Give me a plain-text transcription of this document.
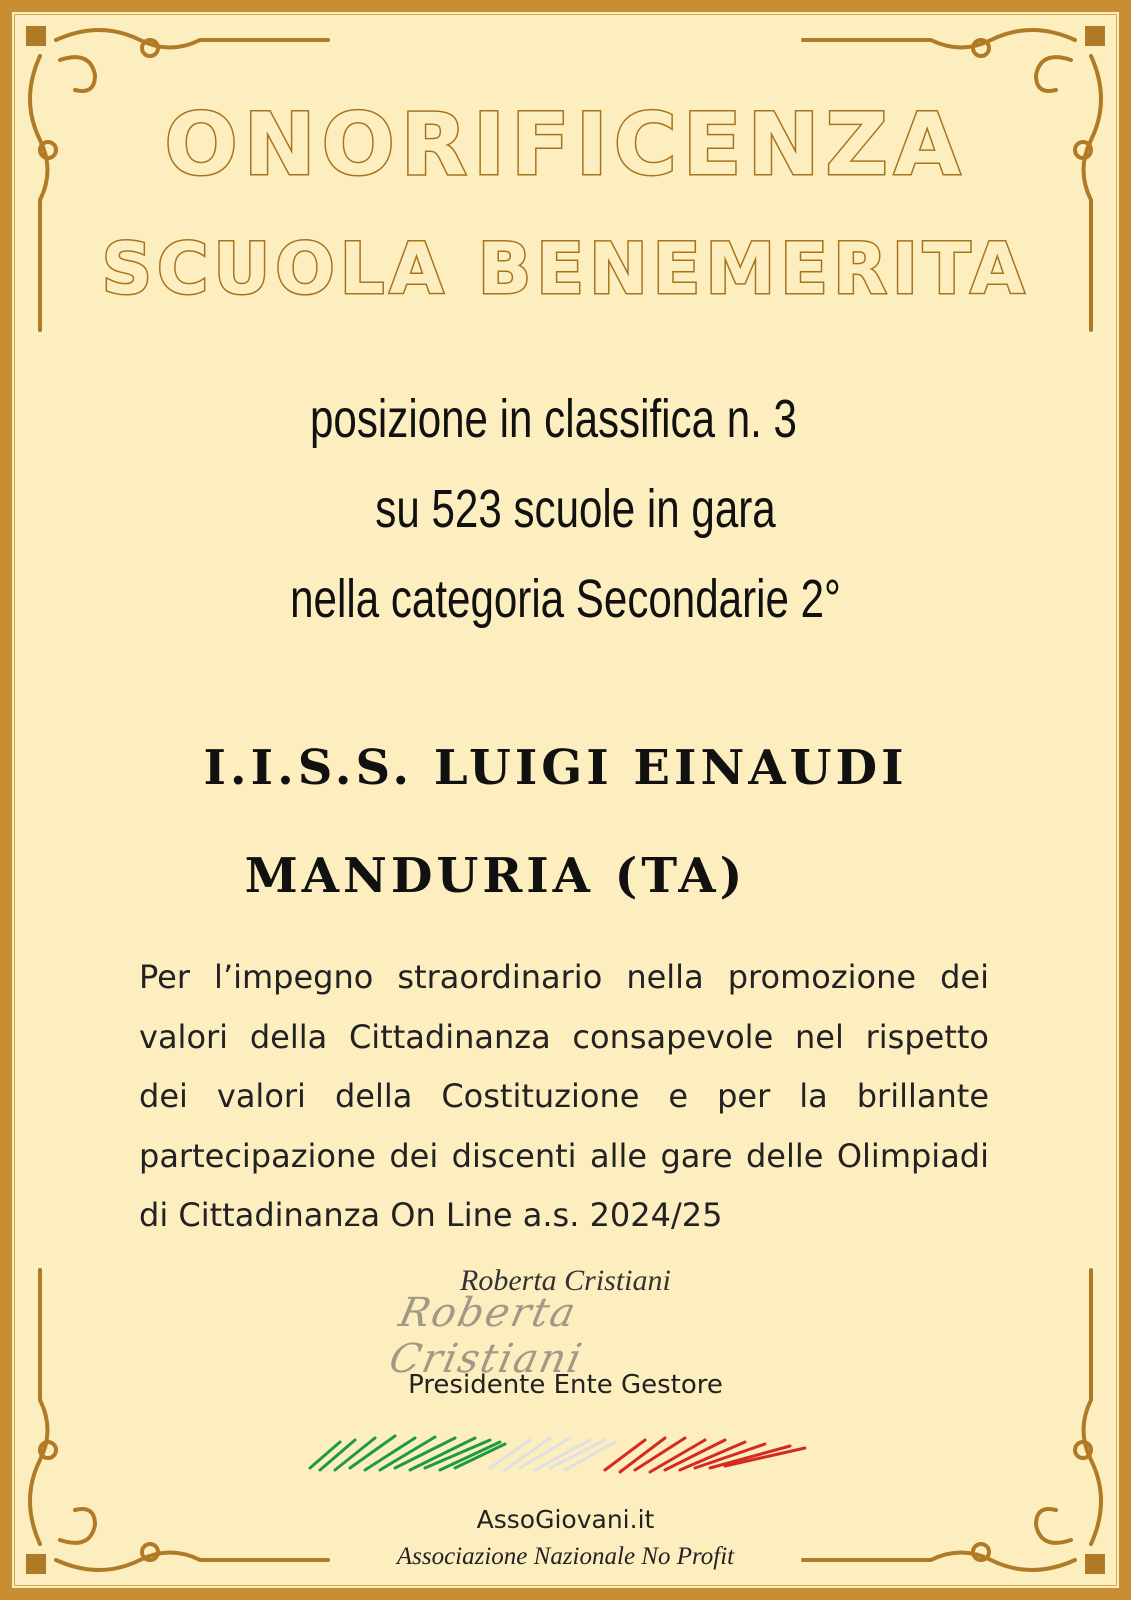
ONORIFICENZA
SCUOLA BENEMERITA
posizione in classifica n. 3
su 523 scuole in gara
nella categoria Secondarie 2°
I.I.S.S. LUIGI EINAUDI
MANDURIA (TA)
Per l’impegno straordinario nella promozione dei valori della Cittadinanza consapevole nel rispetto dei valori della Costituzione e per la brillante partecipazione dei discenti alle gare delle Olimpiadi di Cittadinanza On Line a.s. 2024/25
Roberta Cristiani
Roberta Cristiani
Presidente Ente Gestore
AssoGiovani.it
Associazione Nazionale No Profit
